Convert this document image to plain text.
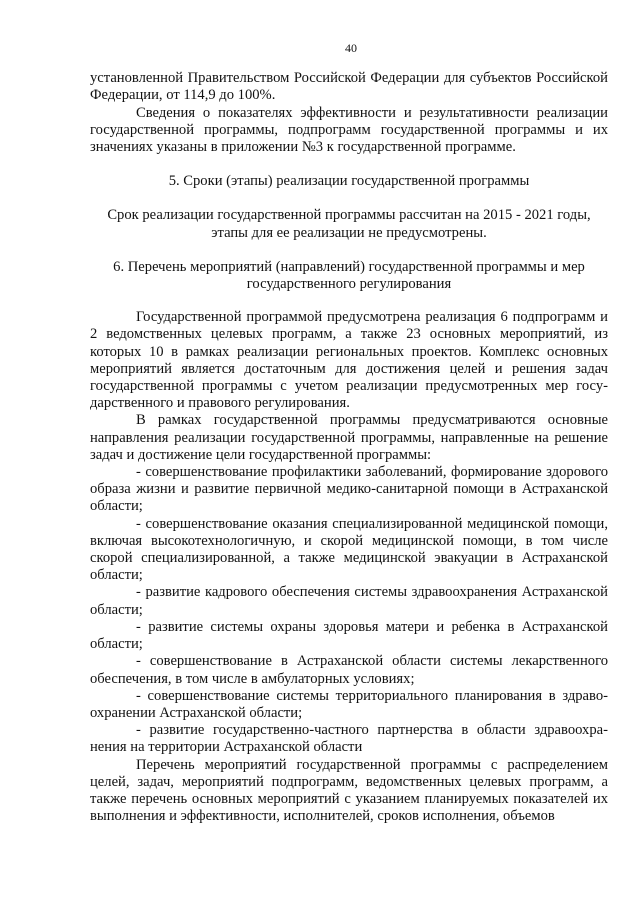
40

установленной Правительством Российской Федерации для субъектов Российской Федерации, от 114,9 до 100%.

Сведения о показателях эффективности и результативности реализации государственной программы, подпрограмм государственной программы и их значениях указаны в приложении №3 к государственной программе.

5. Сроки (этапы) реализации государственной программы

Срок реализации государственной программы рассчитан на 2015 - 2021 годы, этапы для ее реализации не предусмотрены.

6. Перечень мероприятий (направлений) государственной программы и мер государственного регулирования

Государственной программой предусмотрена реализация 6 подпрограмм и 2 ведомственных целевых программ, а также 23 основных мероприятий, из которых 10 в рамках реализации региональных проектов. Комплекс основных мероприятий является достаточным для достижения целей и решения задач государственной программы с учетом реализации предусмотренных мер государственного и правового регулирования.

В рамках государственной программы предусматриваются основные направления реализации государственной программы, направленные на решение задач и достижение цели государственной программы:

- совершенствование профилактики заболеваний, формирование здорового образа жизни и развитие первичной медико-санитарной помощи в Астраханской области;

- совершенствование оказания специализированной медицинской помощи, включая высокотехнологичную, и скорой медицинской помощи, в том числе скорой специализированной, а также медицинской эвакуации в Астраханской области;

- развитие кадрового обеспечения системы здравоохранения Астраханской области;

- развитие системы охраны здоровья матери и ребенка в Астраханской области;

- совершенствование в Астраханской области системы лекарственного обеспечения, в том числе в амбулаторных условиях;

- совершенствование системы территориального планирования в здравоохранении Астраханской области;

- развитие государственно-частного партнерства в области здравоохранения на территории Астраханской области

Перечень мероприятий государственной программы с распределением целей, задач, мероприятий подпрограмм, ведомственных целевых программ, а также перечень основных мероприятий с указанием планируемых показателей их выполнения и эффективности, исполнителей, сроков исполнения, объемов
